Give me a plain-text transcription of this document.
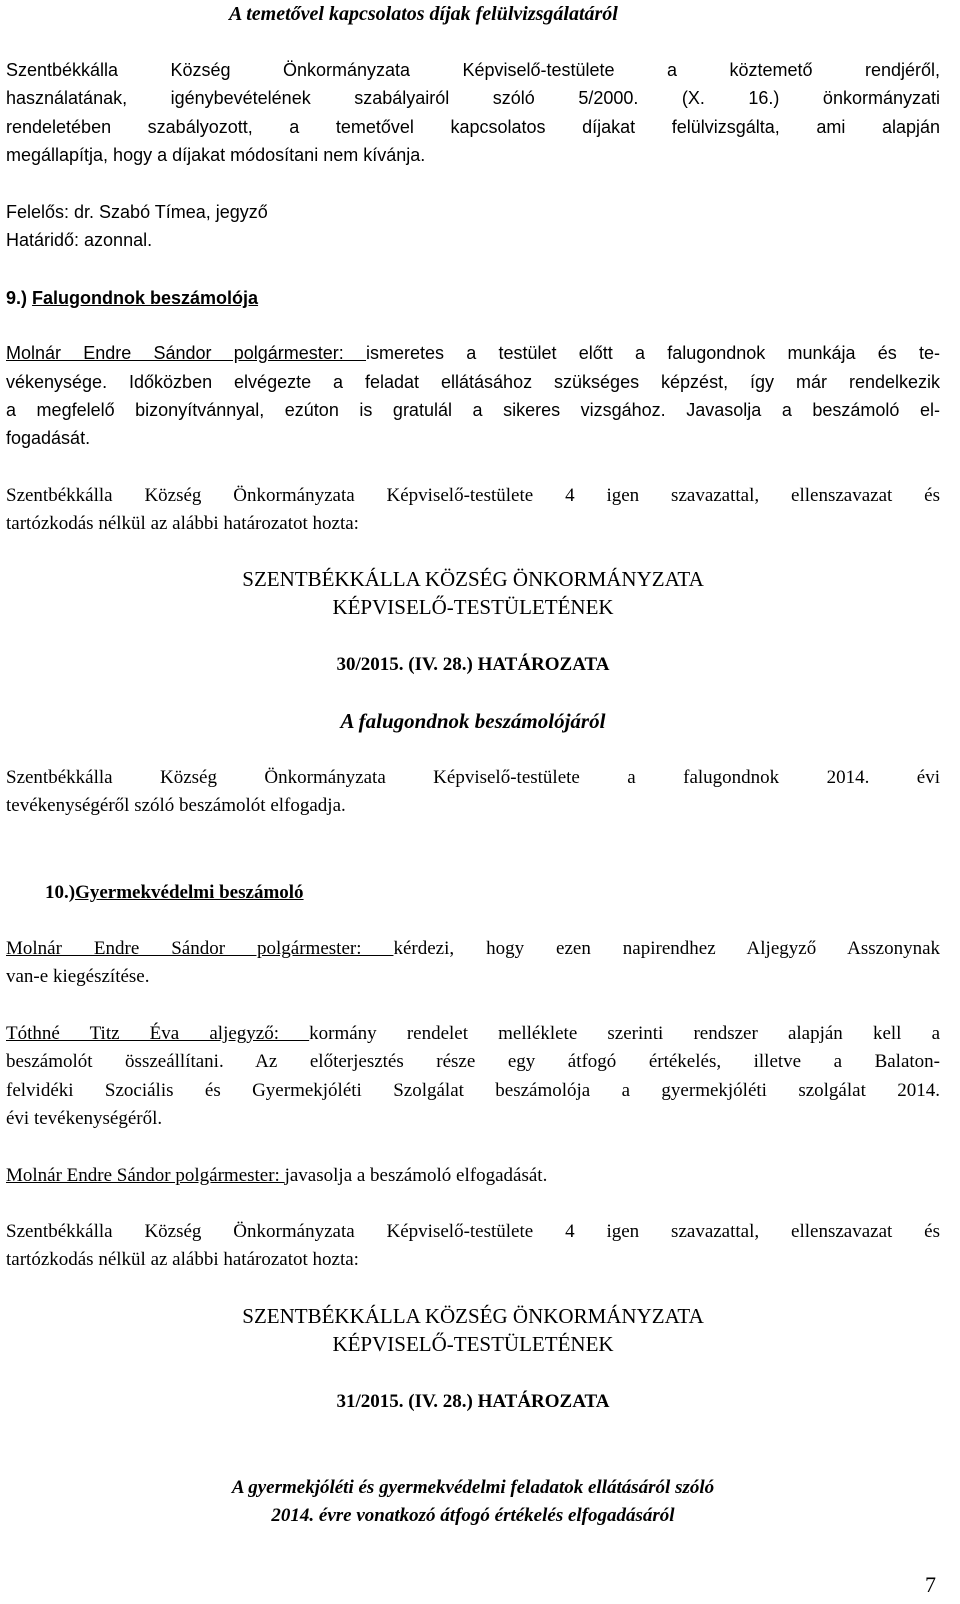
A temetővel kapcsolatos díjak felülvizsgálatáról
Szentbékkálla Község Önkormányzata Képviselő-testülete a köztemető rendjéről,
használatának, igénybevételének szabályairól szóló 5/2000. (X. 16.) önkormányzati
rendeletében szabályozott, a temetővel kapcsolatos díjakat felülvizsgálta, ami alapján
megállapítja, hogy a díjakat módosítani nem kívánja.
Felelős: dr. Szabó Tímea, jegyző
Határidő: azonnal.
9.) Falugondnok beszámolója
Molnár Endre Sándor polgármester: ismeretes a testület előtt a falugondnok munkája és te-
vékenysége. Időközben elvégezte a feladat ellátásához szükséges képzést, így már rendelkezik
a megfelelő bizonyítvánnyal, ezúton is gratulál a sikeres vizsgához. Javasolja a beszámoló el-
fogadását.
Szentbékkálla Község Önkormányzata Képviselő-testülete 4 igen szavazattal, ellenszavazat és
tartózkodás nélkül az alábbi határozatot hozta:
SZENTBÉKKÁLLA KÖZSÉG ÖNKORMÁNYZATA
KÉPVISELŐ-TESTÜLETÉNEK
30/2015. (IV. 28.) HATÁROZATA
A falugondnok beszámolójáról
Szentbékkálla Község Önkormányzata Képviselő-testülete a falugondnok 2014. évi
tevékenységéről szóló beszámolót elfogadja.
10.)Gyermekvédelmi beszámoló
Molnár Endre Sándor polgármester: kérdezi, hogy ezen napirendhez Aljegyző Asszonynak
van-e kiegészítése.
Tóthné Titz Éva aljegyző: kormány rendelet melléklete szerinti rendszer alapján kell a
beszámolót összeállítani. Az előterjesztés része egy átfogó értékelés, illetve a Balaton-
felvidéki Szociális és Gyermekjóléti Szolgálat beszámolója a gyermekjóléti szolgálat 2014.
évi tevékenységéről.
Molnár Endre Sándor polgármester: javasolja a beszámoló elfogadását.
Szentbékkálla Község Önkormányzata Képviselő-testülete 4 igen szavazattal, ellenszavazat és
tartózkodás nélkül az alábbi határozatot hozta:
SZENTBÉKKÁLLA KÖZSÉG ÖNKORMÁNYZATA
KÉPVISELŐ-TESTÜLETÉNEK
31/2015. (IV. 28.) HATÁROZATA
A gyermekjóléti és gyermekvédelmi feladatok ellátásáról szóló
2014. évre vonatkozó átfogó értékelés elfogadásáról
7
